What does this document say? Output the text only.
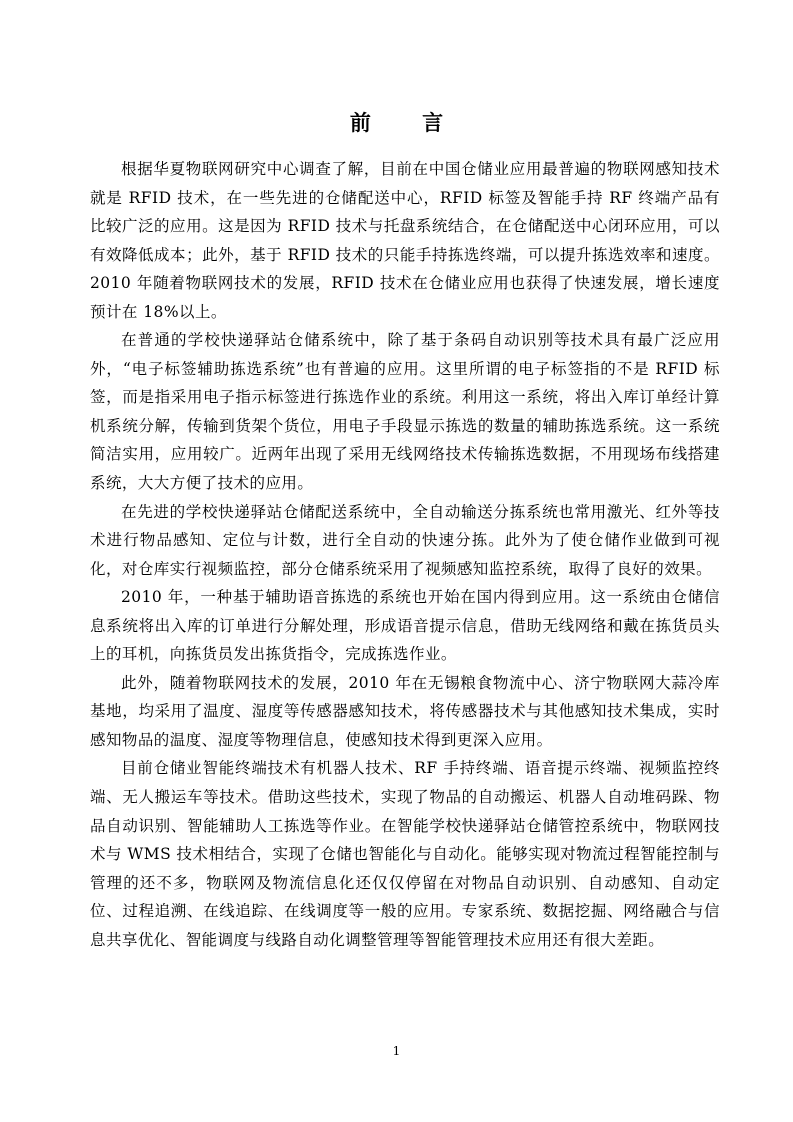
前 言

根据华夏物联网研究中心调查了解，目前在中国仓储业应用最普遍的物联网感知技术就是 RFID 技术，在一些先进的仓储配送中心，RFID 标签及智能手持 RF 终端产品有比较广泛的应用。这是因为 RFID 技术与托盘系统结合，在仓储配送中心闭环应用，可以有效降低成本；此外，基于 RFID 技术的只能手持拣选终端，可以提升拣选效率和速度。2010 年随着物联网技术的发展，RFID 技术在仓储业应用也获得了快速发展，增长速度预计在 18%以上。

在普通的学校快递驿站仓储系统中，除了基于条码自动识别等技术具有最广泛应用外，“电子标签辅助拣选系统”也有普遍的应用。这里所谓的电子标签指的不是 RFID 标签，而是指采用电子指示标签进行拣选作业的系统。利用这一系统，将出入库订单经计算机系统分解，传输到货架个货位，用电子手段显示拣选的数量的辅助拣选系统。这一系统简洁实用，应用较广。近两年出现了采用无线网络技术传输拣选数据，不用现场布线搭建系统，大大方便了技术的应用。

在先进的学校快递驿站仓储配送系统中，全自动输送分拣系统也常用激光、红外等技术进行物品感知、定位与计数，进行全自动的快速分拣。此外为了使仓储作业做到可视化，对仓库实行视频监控，部分仓储系统采用了视频感知监控系统，取得了良好的效果。

2010 年，一种基于辅助语音拣选的系统也开始在国内得到应用。这一系统由仓储信息系统将出入库的订单进行分解处理，形成语音提示信息，借助无线网络和戴在拣货员头上的耳机，向拣货员发出拣货指令，完成拣选作业。

此外，随着物联网技术的发展，2010 年在无锡粮食物流中心、济宁物联网大蒜冷库基地，均采用了温度、湿度等传感器感知技术，将传感器技术与其他感知技术集成，实时感知物品的温度、湿度等物理信息，使感知技术得到更深入应用。

目前仓储业智能终端技术有机器人技术、RF 手持终端、语音提示终端、视频监控终端、无人搬运车等技术。借助这些技术，实现了物品的自动搬运、机器人自动堆码跺、物品自动识别、智能辅助人工拣选等作业。在智能学校快递驿站仓储管控系统中，物联网技术与 WMS 技术相结合，实现了仓储也智能化与自动化。能够实现对物流过程智能控制与管理的还不多，物联网及物流信息化还仅仅停留在对物品自动识别、自动感知、自动定位、过程追溯、在线追踪、在线调度等一般的应用。专家系统、数据挖掘、网络融合与信息共享优化、智能调度与线路自动化调整管理等智能管理技术应用还有很大差距。

1
